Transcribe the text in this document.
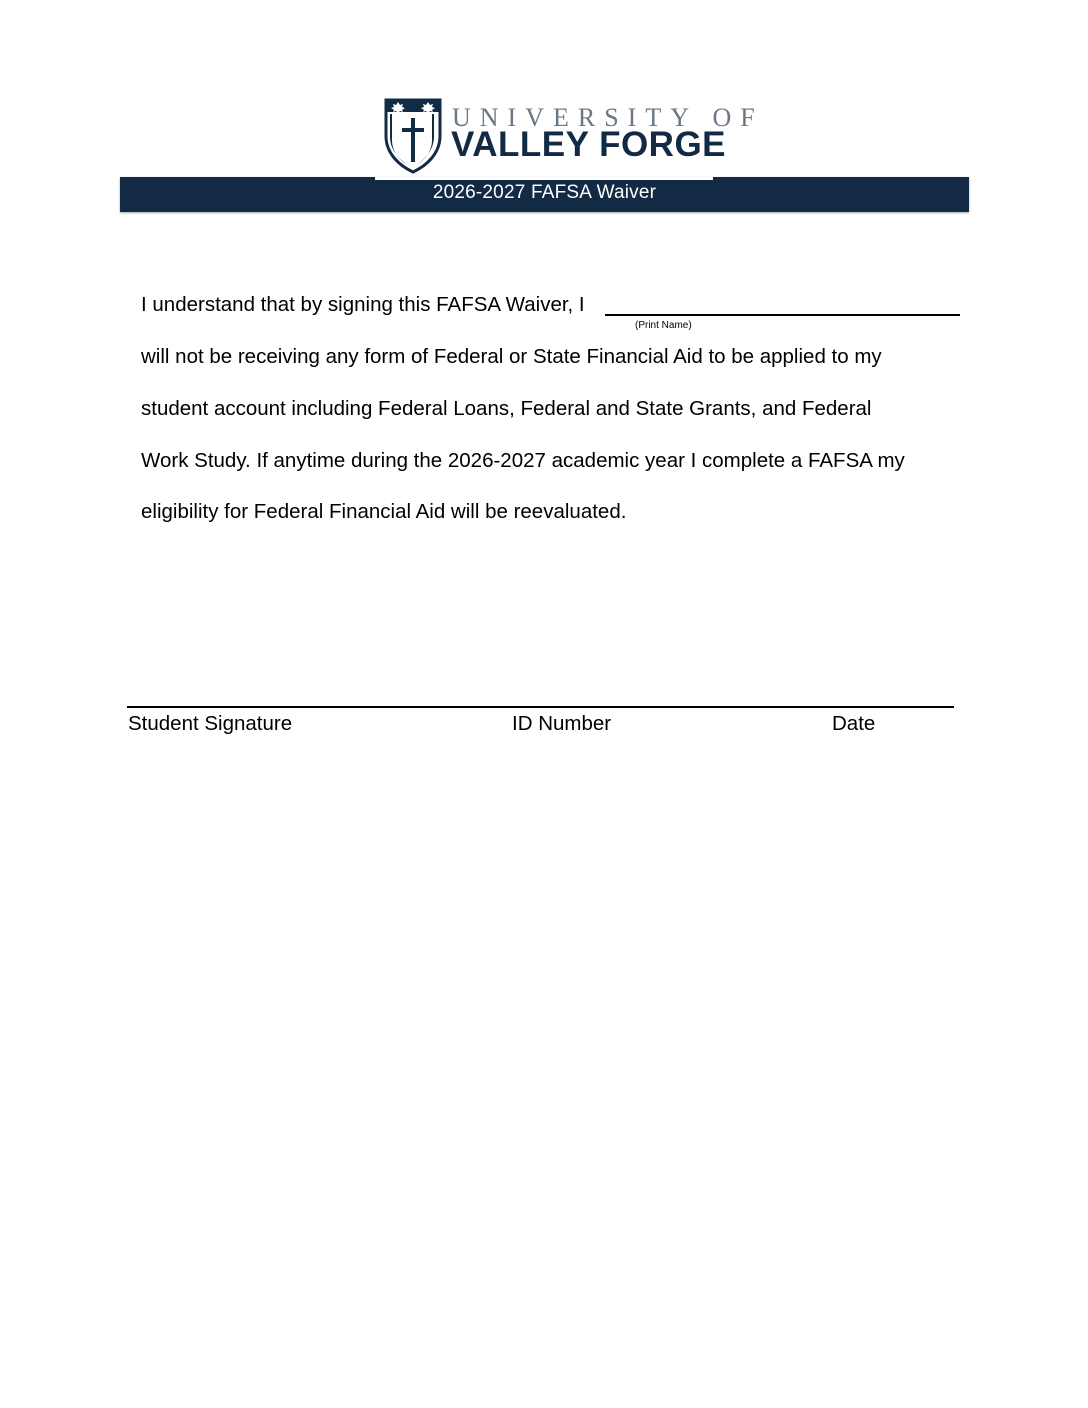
UNIVERSITY OF
VALLEY FORGE
2026-2027 FAFSA Waiver
I understand that by signing this FAFSA Waiver, I
(Print Name)
will not be receiving any form of Federal or State Financial Aid to be applied to my
student account including Federal Loans, Federal and State Grants, and Federal
Work Study. If anytime during the 2026-2027 academic year I complete a FAFSA my
eligibility for Federal Financial Aid will be reevaluated.
Student Signature	ID Number	Date
